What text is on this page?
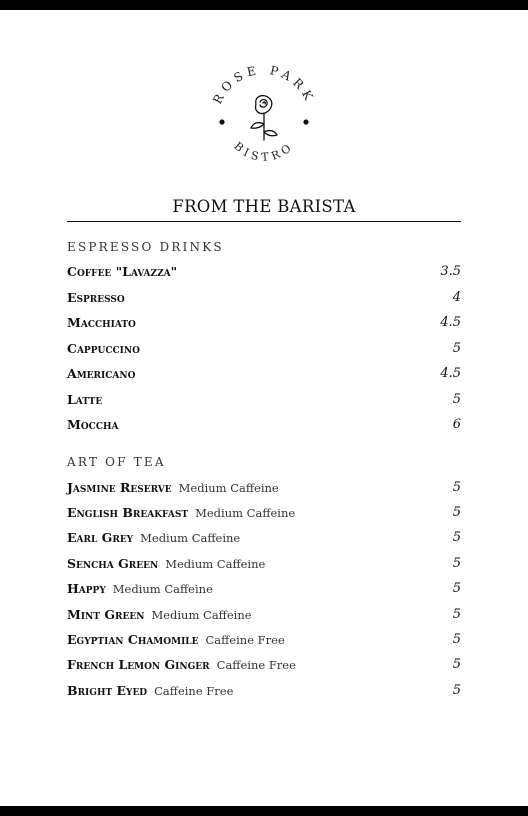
ROSE PARK
BISTRO
FROM THE BARISTA
ESPRESSO DRINKS
Coffee "Lavazza"	3.5
Espresso	4
Macchiato	4.5
Cappuccino	5
Americano	4.5
Latte	5
Moccha	6
ART OF TEA
Jasmine Reserve Medium Caffeine	5
English Breakfast Medium Caffeine	5
Earl Grey Medium Caffeine	5
Sencha Green Medium Caffeine	5
Happy Medium Caffeine	5
Mint Green Medium Caffeine	5
Egyptian Chamomile Caffeine Free	5
French Lemon Ginger Caffeine Free	5
Bright Eyed Caffeine Free	5
